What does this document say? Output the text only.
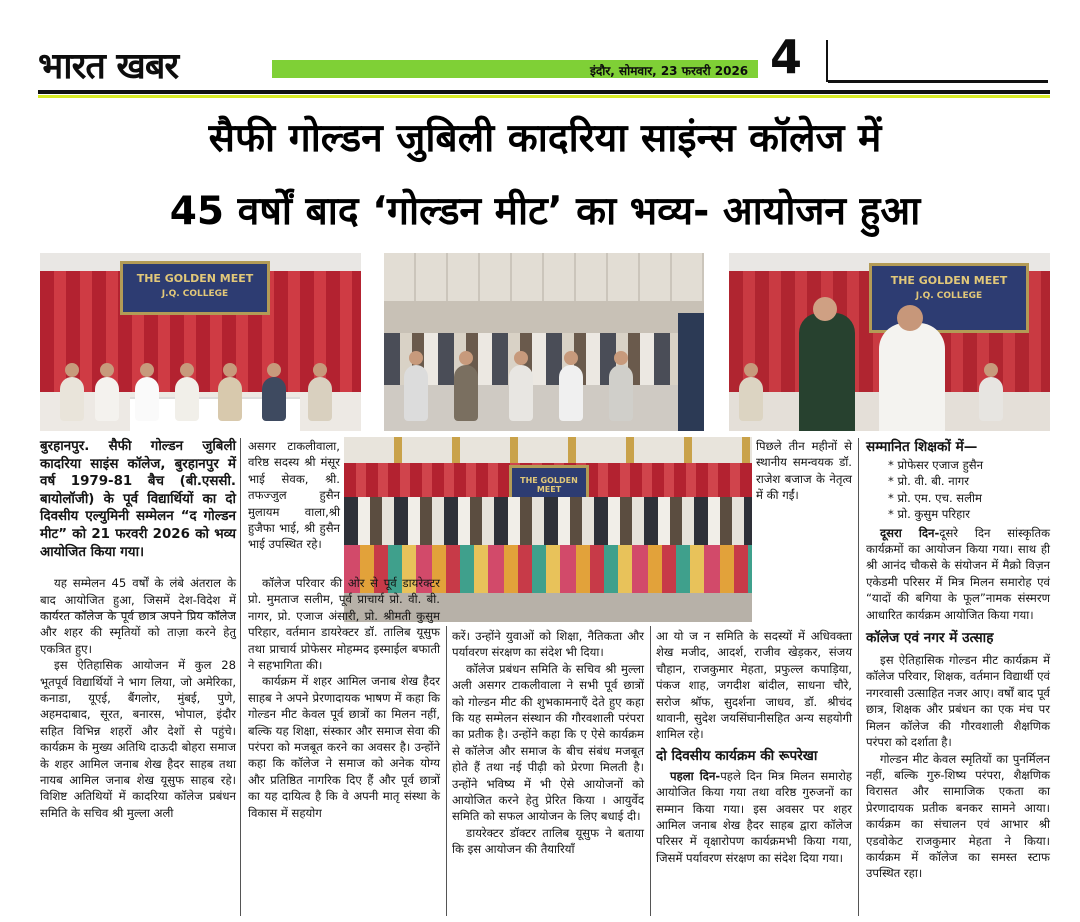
भारत खबर	इंदौर, सोमवार, 23 फरवरी 2026 4
सैफी गोल्डन जुबिली कादरिया साइंन्स कॉलेज में
45 वर्षों बाद ‘गोल्डन मीट’ का भव्य- आयोजन हुआ
THE GOLDEN MEET
J.Q. COLLEGE
THE GOLDEN MEET
J.Q. COLLEGE
THE GOLDEN MEET

बुरहानपुर. सैफी गोल्डन जुबिली कादरिया साइंस कॉलेज, बुरहानपुर में वर्ष 1979-81 बैच (बी.एससी. बायोलॉजी) के पूर्व विद्यार्थियों का दो दिवसीय एल्युमिनी सम्मेलन “द गोल्डन मीट” को 21 फरवरी 2026 को भव्य आयोजित किया गया।

यह सम्मेलन 45 वर्षों के लंबे अंतराल के बाद आयोजित हुआ, जिसमें देश-विदेश में कार्यरत कॉलेज के पूर्व छात्र अपने प्रिय कॉलेज और शहर की स्मृतियों को ताज़ा करने हेतु एकत्रित हुए।

इस ऐतिहासिक आयोजन में कुल 28 भूतपूर्व विद्यार्थियों ने भाग लिया, जो अमेरिका, कनाडा, यूएई, बैंगलोर, मुंबई, पुणे, अहमदाबाद, सूरत, बनारस, भोपाल, इंदौर सहित विभिन्न शहरों और देशों से पहुंचे। कार्यक्रम के मुख्य अतिथि दाऊदी बोहरा समाज के शहर आमिल जनाब शेख हैदर साहब तथा नायब आमिल जनाब शेख यूसुफ साहब रहे। विशिष्ट अतिथियों में कादरिया कॉलेज प्रबंधन समिति के सचिव श्री मुल्ला अली

असगर टाकलीवाला, वरिष्ठ सदस्य श्री मंसूर भाई सेवक, श्री. तफज्जुल हुसैन मुलायम वाला,श्री हुजैफा भाई, श्री हुसैन भाई उपस्थित रहे।

कॉलेज परिवार की ओर से पूर्व डायरेक्टर प्रो. मुमताज सलीम, पूर्व प्राचार्य प्रो. वी. बी. नागर, प्रो. एजाज अंसारी, प्रो. श्रीमती कुसुम परिहार, वर्तमान डायरेक्टर डॉ. तालिब यूसुफ तथा प्राचार्य प्रोफेसर मोहम्मद इस्माईल बफाती ने सहभागिता की।

कार्यक्रम में शहर आमिल जनाब शेख हैदर साहब ने अपने प्रेरणादायक भाषण में कहा कि गोल्डन मीट केवल पूर्व छात्रों का मिलन नहीं, बल्कि यह शिक्षा, संस्कार और समाज सेवा की परंपरा को मजबूत करने का अवसर है। उन्होंने कहा कि कॉलेज ने समाज को अनेक योग्य और प्रतिष्ठित नागरिक दिए हैं और पूर्व छात्रों का यह दायित्व है कि वे अपनी मातृ संस्था के विकास में सहयोग

करें। उन्होंने युवाओं को शिक्षा, नैतिकता और पर्यावरण संरक्षण का संदेश भी दिया।

कॉलेज प्रबंधन समिति के सचिव श्री मुल्ला अली असगर टाकलीवाला ने सभी पूर्व छात्रों को गोल्डन मीट की शुभकामनाएँ देते हुए कहा कि यह सम्मेलन संस्थान की गौरवशाली परंपरा का प्रतीक है। उन्होंने कहा कि ए ऐसे कार्यक्रम से कॉलेज और समाज के बीच संबंध मजबूत होते हैं तथा नई पीढ़ी को प्रेरणा मिलती है। उन्होंने भविष्य में भी ऐसे आयोजनों को आयोजित करने हेतु प्रेरित किया । आयुर्वेद समिति को सफल आयोजन के लिए बधाई दी।

डायरेक्टर डॉक्टर तालिब यूसुफ ने बताया कि इस आयोजन की तैयारियाँ

पिछले तीन महीनों से स्थानीय समन्वयक डॉ. राजेश बजाज के नेतृत्व में की गईं।

आ यो ज न समिति के सदस्यों में अधिवक्ता शेख मजीद, आदर्श, राजीव खेड़कर, संजय चौहान, राजकुमार मेहता, प्रफुल्ल कपाड़िया, पंकज शाह, जगदीश बांदील, साधना चौरे, सरोज श्रॉफ, सुदर्शना जाधव, डॉ. श्रीचंद थावानी, सुदेश जयसिंघानीसहित अन्य सहयोगी शामिल रहे।

दो दिवसीय कार्यक्रम की रूपरेखा

पहला दिन-पहले दिन मित्र मिलन समारोह आयोजित किया गया तथा वरिष्ठ गुरुजनों का सम्मान किया गया। इस अवसर पर शहर आमिल जनाब शेख हैदर साहब द्वारा कॉलेज परिसर में वृक्षारोपण कार्यक्रमभी किया गया, जिसमें पर्यावरण संरक्षण का संदेश दिया गया।

सम्मानित शिक्षकों में—
* प्रोफेसर एजाज हुसैन
* प्रो. वी. बी. नागर
* प्रो. एम. एच. सलीम
* प्रो. कुसुम परिहार

दूसरा दिन-दूसरे दिन सांस्कृतिक कार्यक्रमों का आयोजन किया गया। साथ ही श्री आनंद चौकसे के संयोजन में मैक्रो विज़न एकेडमी परिसर में मित्र मिलन समारोह एवं “यादों की बगिया के फूल”नामक संस्मरण आधारित कार्यक्रम आयोजित किया गया।

कॉलेज एवं नगर में उत्साह

इस ऐतिहासिक गोल्डन मीट कार्यक्रम में कॉलेज परिवार, शिक्षक, वर्तमान विद्यार्थी एवं नगरवासी उत्साहित नजर आए। वर्षों बाद पूर्व छात्र, शिक्षक और प्रबंधन का एक मंच पर मिलन कॉलेज की गौरवशाली शैक्षणिक परंपरा को दर्शाता है।

गोल्डन मीट केवल स्मृतियों का पुनर्मिलन नहीं, बल्कि गुरु-शिष्य परंपरा, शैक्षणिक विरासत और सामाजिक एकता का प्रेरणादायक प्रतीक बनकर सामने आया। कार्यक्रम का संचालन एवं आभार श्री एडवोकेट राजकुमार मेहता ने किया। कार्यक्रम में कॉलेज का समस्त स्टाफ उपस्थित रहा।
